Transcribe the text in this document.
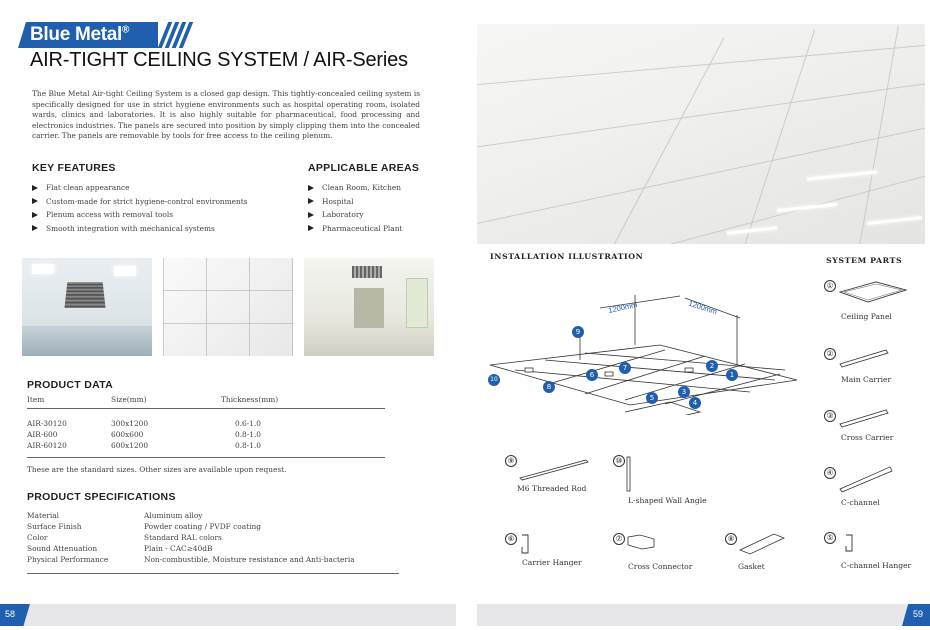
Blue Metal®
AIR-TIGHT CEILING SYSTEM / AIR-Series

The Blue Metal Air-tight Ceiling System is a closed gap design. This tightly-concealed ceiling system is specifically designed for use in strict hygiene environments such as hospital operating room, isolated wards, clinics and laboratories. It is also highly suitable for pharmaceutical, food processing and electronics industries. The panels are secured into position by simply clipping them into the concealed carrier. The panels are removable by tools for free access to the ceiling plenum.

KEY FEATURES
Flat clean appearance
Custom-made for strict hygiene-control environments
Plenum access with removal tools
Smooth integration with mechanical systems
APPLICABLE AREAS
Clean Room, Kitchen
Hospital
Laboratory
Pharmaceutical Plant
PRODUCT DATA
Item	Size(mm)	Thickness(mm)
AIR-30120	300x1200	0.6-1.0
AIR-600	600x600	0.8-1.0
AIR-60120	600x1200	0.8-1.0
These are the standard sizes. Other sizes are available upon request.
PRODUCT SPECIFICATIONS
Material	Aluminum alloy
Surface Finish	Powder coating / PVDF coating
Color	Standard RAL colors
Sound Attenuation	Plain - CAC≥40dB
Physical Performance	Non-combustible, Moisture resistance and Anti-bacteria
INSTALLATION ILLUSTRATION
1200mm	1200mm
1
2
3
4
5
6
7
8
9
10
SYSTEM PARTS
①
Ceiling Panel
②
Main Carrier
③
Cross Carrier
④
C-channel
⑤
C-channel Hanger
⑨
M6 Threaded Rod
⑩
L-shaped Wall Angle
⑥
Carrier Hanger
⑦
Cross Connector
⑧
Gasket
58	59
